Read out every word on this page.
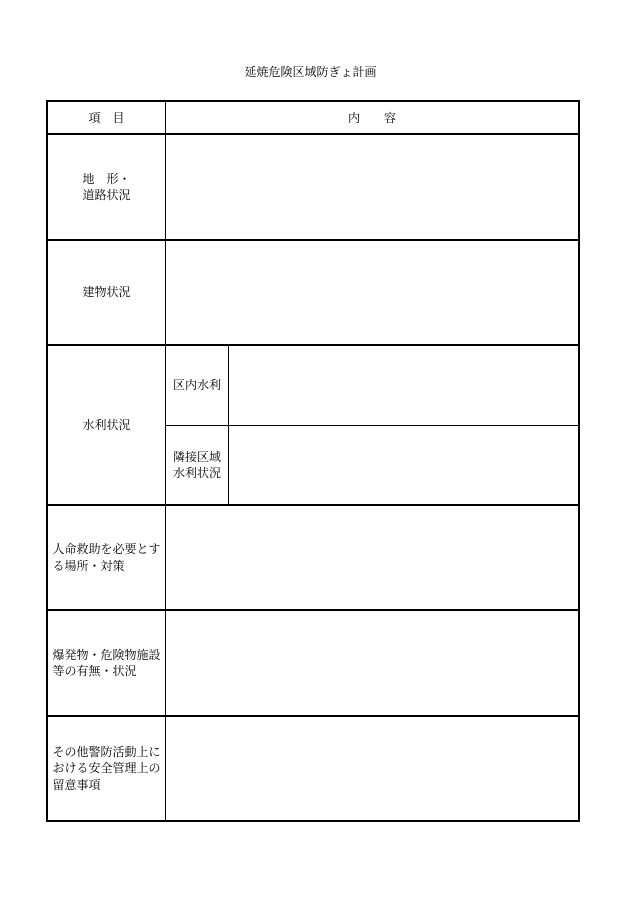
延焼危険区域防ぎょ計画
項　目	内　　容
地　形・
道路状況
建物状況
水利状況
区内水利
隣接区域
水利状況
人命救助を必要とす
る場所・対策
爆発物・危険物施設
等の有無・状況
その他警防活動上に
おける安全管理上の
留意事項
